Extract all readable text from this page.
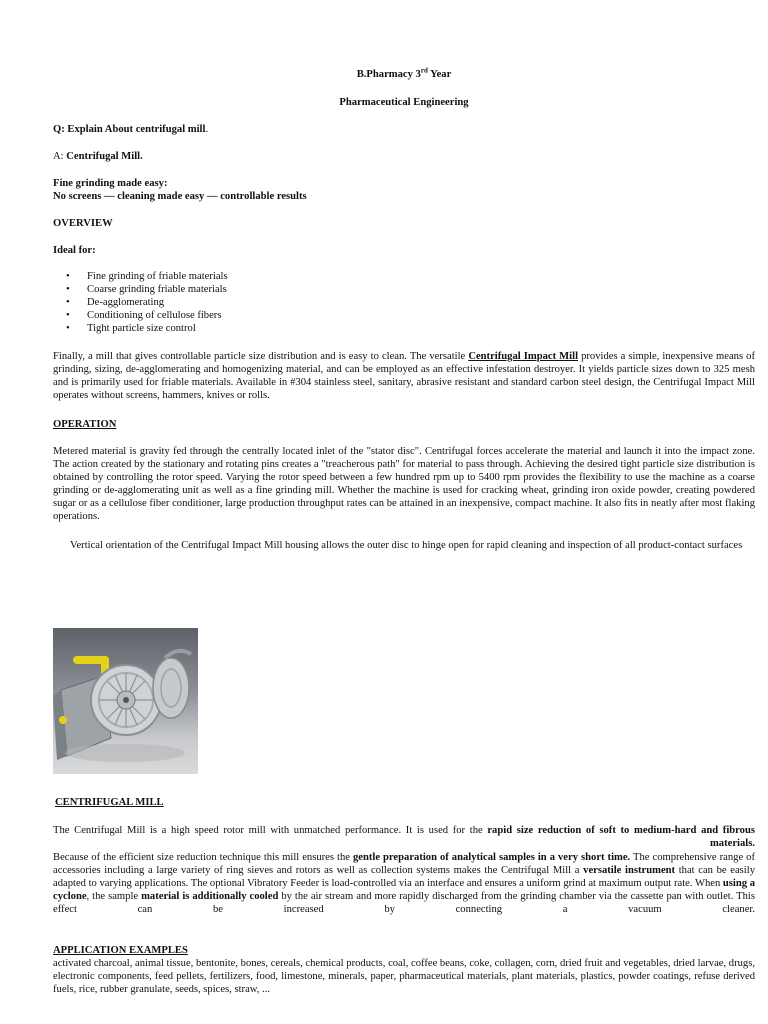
B.Pharmacy 3rd Year
Pharmaceutical Engineering
Q: Explain About centrifugal mill.
A: Centrifugal Mill.

Fine grinding made easy:

No screens — cleaning made easy — controllable results

OVERVIEW
Ideal for:
• Fine grinding of friable materials
• Coarse grinding friable materials
• De-agglomerating
• Conditioning of cellulose fibers
• Tight particle size control

Finally, a mill that gives controllable particle size distribution and is easy to clean. The versatile Centrifugal Impact Mill provides a simple, inexpensive means of grinding, sizing, de-agglomerating and homogenizing material, and can be employed as an effective infestation destroyer. It yields particle sizes down to 325 mesh and is primarily used for friable materials. Available in #304 stainless steel, sanitary, abrasive resistant and standard carbon steel design, the Centrifugal Impact Mill operates without screens, hammers, knives or rolls.

OPERATION

Metered material is gravity fed through the centrally located inlet of the "stator disc". Centrifugal forces accelerate the material and launch it into the impact zone. The action created by the stationary and rotating pins creates a "treacherous path" for material to pass through. Achieving the desired tight particle size distribution is obtained by controlling the rotor speed. Varying the rotor speed between a few hundred rpm up to 5400 rpm provides the flexibility to use the machine as a coarse grinding or de-agglomerating unit as well as a fine grinding mill. Whether the machine is used for cracking wheat, grinding iron oxide powder, creating powdered sugar or as a cellulose fiber conditioner, large production throughput rates can be attained in an inexpensive, compact machine. It also fits in neatly after most flaking operations.

Vertical orientation of the Centrifugal Impact Mill housing allows the outer disc to hinge open for rapid cleaning and inspection of all product-contact surfaces

CENTRIFUGAL MILL

The Centrifugal Mill is a high speed rotor mill with unmatched performance. It is used for the rapid size reduction of soft to medium-hard and fibrous

materials.

Because of the efficient size reduction technique this mill ensures the gentle preparation of analytical samples in a very short time. The comprehensive range of accessories including a large variety of ring sieves and rotors as well as collection systems makes the Centrifugal Mill a versatile instrument that can be easily adapted to varying applications. The optional Vibratory Feeder is load-controlled via an interface and ensures a uniform grind at maximum output rate. When using a cyclone, the sample material is additionally cooled by the air stream and more rapidly discharged from the grinding chamber via the cassette pan with outlet. This effect can be increased by connecting a vacuum cleaner.

APPLICATION EXAMPLES

activated charcoal, animal tissue, bentonite, bones, cereals, chemical products, coal, coffee beans, coke, collagen, corn, dried fruit and vegetables, dried larvae, drugs, electronic components, feed pellets, fertilizers, food, limestone, minerals, paper, pharmaceutical materials, plant materials, plastics, powder coatings, refuse derived fuels, rice, rubber granulate, seeds, spices, straw, ...
